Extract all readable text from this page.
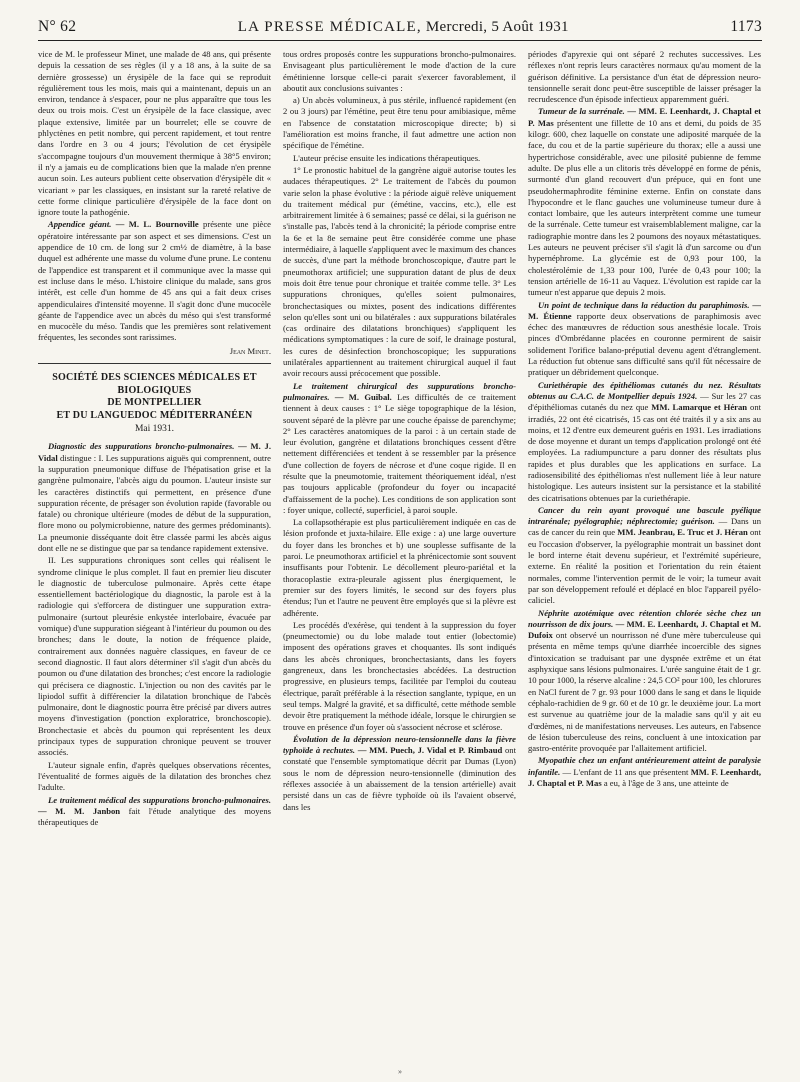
N° 62	LA PRESSE MÉDICALE, Mercredi, 5 Août 1931	1173

vice de M. le professeur Minet, une malade de 48 ans, qui présente depuis la cessation de ses règles (il y a 18 ans, à la suite de sa dernière grossesse) un érysipèle de la face qui se reproduit régulièrement tous les mois, mais qui a maintenant, depuis un an environ, tendance à s'espacer, pour ne plus apparaître que tous les deux ou trois mois. C'est un érysipèle de la face classique, avec plaque extensive, limitée par un bourrelet; elle se couvre de phlyctènes en petit nombre, qui percent rapidement, et tout rentre dans l'ordre en 3 ou 4 jours; l'évolution de cet érysipèle s'accompagne toujours d'un mouvement thermique à 38°5 environ; il n'y a jamais eu de complications bien que la malade n'en prenne aucun soin. Les auteurs publient cette observation d'érysipèle dit « vicariant » par les classiques, en insistant sur la rareté relative de cette forme clinique particulière d'érysipèle de la face dont on ignore toute la pathogénie.

Appendice géant. — M. L. Bournoville présente une pièce opératoire intéressante par son aspect et ses dimensions. C'est un appendice de 10 cm. de long sur 2 cm½ de diamètre, à la base duquel est adhérente une masse du volume d'une prune. Le contenu de l'appendice est transparent et il communique avec la masse qui est incluse dans le méso. L'histoire clinique du malade, sans gros intérêt, est celle d'un homme de 45 ans qui a fait deux crises appendiculaires d'intensité moyenne. Il s'agit donc d'une mucocèle géante de l'appendice avec un abcès du méso qui s'est transformé en mucocèle du méso. Tandis que les premières sont relativement fréquentes, les secondes sont rarissimes.

Jean Minet.
SOCIÉTÉ DES SCIENCES MÉDICALES ET BIOLOGIQUES
DE MONTPELLIER
ET DU LANGUEDOC MÉDITERRANÉEN
Mai 1931.

Diagnostic des suppurations broncho-pulmonaires. — M. J. Vidal distingue : I. Les suppurations aiguës qui comprennent, outre la suppuration pneumonique diffuse de l'hépatisation grise et la gangrène pulmonaire, l'abcès aigu du poumon. L'auteur insiste sur les caractères distinctifs qui permettent, en présence d'une suppuration récente, de présager son évolution rapide (favorable ou fatale) ou chronique ultérieure (modes de début de la suppuration, flore mono ou polymicrobienne, nature des germes prédominants). La pneumonie disséquante doit être classée parmi les abcès aigus dont elle ne se distingue que par sa tendance rapidement extensive.

II. Les suppurations chroniques sont celles qui réalisent le syndrome clinique le plus complet. Il faut en premier lieu discuter le diagnostic de tuberculose pulmonaire. Après cette étape essentiellement bactériologique du diagnostic, la parole est à la radiologie qui s'efforcera de distinguer une suppuration extra-pulmonaire (surtout pleurésie enkystée interlobaire, évacuée par vomique) d'une suppuration siégeant à l'intérieur du poumon ou des bronches; dans le doute, la notion de fréquence plaide, contrairement aux données naguère classiques, en faveur de ce second diagnostic. Il faut alors déterminer s'il s'agit d'un abcès du poumon ou d'une dilatation des bronches; c'est encore la radiologie qui précisera ce diagnostic. L'injection ou non des cavités par le lipiodol suffit à différencier la dilatation bronchique de l'abcès pulmonaire, dont le diagnostic pourra être précisé par divers autres moyens d'investigation (ponction exploratrice, bronchoscopie). Bronchectasie et abcès du poumon qui représentent les deux principaux types de suppuration chronique peuvent se trouver associés.

L'auteur signale enfin, d'après quelques observations récentes, l'éventualité de formes aiguës de la dilatation des bronches chez l'adulte.

Le traitement médical des suppurations broncho-pulmonaires. — M. M. Janbon fait l'étude analytique des moyens thérapeutiques de

tous ordres proposés contre les suppurations broncho-pulmonaires. Envisageant plus particulièrement le mode d'action de la cure émétinienne lorsque celle-ci parait s'exercer favorablement, il aboutit aux conclusions suivantes :

a) Un abcès volumineux, à pus stérile, influencé rapidement (en 2 ou 3 jours) par l'émétine, peut être tenu pour amibiasique, même en l'absence de constatation microscopique directe; b) si l'amélioration est moins franche, il faut admettre une action non spécifique de l'émétine.

L'auteur précise ensuite les indications thérapeutiques.

1° Le pronostic habituel de la gangrène aiguë autorise toutes les audaces thérapeutiques. 2° Le traitement de l'abcès du poumon varie selon la phase évolutive : la période aiguë relève uniquement du traitement médical pur (émétine, vaccins, etc.), elle est arbitrairement limitée à 6 semaines; passé ce délai, si la guérison ne s'installe pas, l'abcès tend à la chronicité; la période comprise entre la 6e et la 8e semaine peut être considérée comme une phase intermédiaire, à laquelle s'appliquent avec le maximum des chances de succès, d'une part la méthode bronchoscopique, d'autre part le pneumothorax artificiel; une suppuration datant de plus de deux mois doit être tenue pour chronique et traitée comme telle. 3° Les suppurations chroniques, qu'elles soient pulmonaires, bronchectasiques ou mixtes, posent des indications différentes selon qu'elles sont uni ou bilatérales : aux suppurations bilatérales (cas ordinaire des dilatations bronchiques) s'appliquent les médications symptomatiques : la cure de soif, le drainage postural, les cures de désinfection bronchoscopique; les suppurations unilatérales appartiennent au traitement chirurgical auquel il faut avoir recours aussi précocement que possible.

Le traitement chirurgical des suppurations broncho-pulmonaires. — M. Guibal. Les difficultés de ce traitement tiennent à deux causes : 1° Le siège topographique de la lésion, souvent séparé de la plèvre par une couche épaisse de parenchyme; 2° Les caractères anatomiques de la paroi : à un certain stade de leur évolution, gangrène et dilatations bronchiques cessent d'être nettement différenciées et tendent à se ressembler par la présence d'une collection de foyers de nécrose et d'une coque rigide. Il en résulte que la pneumotomie, traitement théoriquement idéal, n'est pas toujours applicable (profondeur du foyer ou incapacité d'affaissement de la poche). Les conditions de son application sont : foyer unique, collecté, superficiel, à paroi souple.

La collapsothérapie est plus particulièrement indiquée en cas de lésion profonde et juxta-hilaire. Elle exige : a) une large ouverture du foyer dans les bronches et b) une souplesse suffisante de la paroi. Le pneumothorax artificiel et la phrénicectomie sont souvent insuffisants pour l'obtenir. Le décollement pleuro-pariétal et la thoracoplastie extra-pleurale agissent plus énergiquement, le premier sur des foyers limités, le second sur des foyers plus étendus; l'un et l'autre ne peuvent être employés que si la plèvre est adhérente.

Les procédés d'exérèse, qui tendent à la suppression du foyer (pneumectomie) ou du lobe malade tout entier (lobectomie) imposent des opérations graves et choquantes. Ils sont indiqués dans les abcès chroniques, bronchectasiants, dans les foyers gangreneux, dans les bronchectasies abcédées. La destruction progressive, en plusieurs temps, facilitée par l'emploi du couteau électrique, paraît préférable à la résection sanglante, typique, en un seul temps. Malgré la gravité, et sa difficulté, cette méthode semble devoir être pratiquement la méthode idéale, lorsque le chirurgien se trouve en présence d'un foyer où s'associent nécrose et sclérose.

Évolution de la dépression neuro-tensionnelle dans la fièvre typhoïde à rechutes. — MM. Puech, J. Vidal et P. Rimbaud ont constaté que l'ensemble symptomatique décrit par Dumas (Lyon) sous le nom de dépression neuro-tensionnelle (diminution des réflexes associée à un abaissement de la tension artérielle) avait persisté dans un cas de fièvre typhoïde où ils l'avaient observé, dans les

périodes d'apyrexie qui ont séparé 2 rechutes successives. Les réflexes n'ont repris leurs caractères normaux qu'au moment de la guérison définitive. La persistance d'un état de dépression neuro-tensionnelle serait donc peut-être susceptible de laisser présager la recrudescence d'un épisode infectieux apparemment guéri.

Tumeur de la surrénale. — MM. E. Leenhardt, J. Chaptal et P. Mas présentent une fillette de 10 ans et demi, du poids de 35 kilogr. 600, chez laquelle on constate une adiposité marquée de la face, du cou et de la partie supérieure du thorax; elle a aussi une hypertrichose considérable, avec une pilosité pubienne de femme adulte. De plus elle a un clitoris très développé en forme de pénis, surmonté d'un gland recouvert d'un prépuce, qui en font une pseudohermaphrodite féminine externe. Enfin on constate dans l'hypocondre et le flanc gauches une volumineuse tumeur dure à contact lombaire, que les auteurs interprètent comme une tumeur de la surrénale. Cette tumeur est vraisemblablement maligne, car la radiographie montre dans les 2 poumons des noyaux métastatiques. Les auteurs ne peuvent préciser s'il s'agit là d'un sarcome ou d'un hypernéphrome. La glycémie est de 0,93 pour 100, la cholestérolémie de 1,33 pour 100, l'urée de 0,43 pour 100; la tension artérielle de 16-11 au Vaquez. L'évolution est rapide car la tumeur n'est apparue que depuis 2 mois.

Un point de technique dans la réduction du paraphimosis. — M. Étienne rapporte deux observations de paraphimosis avec échec des manœuvres de réduction sous anesthésie locale. Trois pinces d'Ombrédanne placées en couronne permirent de saisir solidement l'orifice balano-préputial devenu agent d'étranglement. La réduction fut obtenue sans difficulté sans qu'il fût nécessaire de pratiquer un débridement quelconque.

Curiethérapie des épithéliomas cutanés du nez. Résultats obtenus au C.A.C. de Montpellier depuis 1924. — Sur les 27 cas d'épithéliomas cutanés du nez que MM. Lamarque et Héran ont irradiés, 22 ont été cicatrisés, 15 cas ont été traités il y a six ans au moins, et 12 d'entre eux demeurent guéris en 1931. Les irradiations de dose moyenne et durant un temps d'application prolongé ont été employées. La radiumpuncture a paru donner des résultats plus rapides et plus durables que les applications en surface. La radiosensibilité des épithéliomas n'est nullement liée à leur nature histologique. Les auteurs insistent sur la persistance et la stabilité des cicatrisations obtenues par la curiethérapie.

Cancer du rein ayant provoqué une bascule pyélique intrarénale; pyélographie; néphrectomie; guérison. — Dans un cas de cancer du rein que MM. Jeanbrau, E. Truc et J. Héran ont eu l'occasion d'observer, la pyélographie montrait un bassinet dont le bord interne était devenu supérieur, et l'extrémité supérieure, externe. En réalité la position et l'orientation du rein étaient normales, comme l'intervention permit de le voir; la tumeur avait par son développement refoulé et déplacé en bloc l'appareil pyélo-caliciel.

Néphrite azotémique avec rétention chlorée sèche chez un nourrisson de dix jours. — MM. E. Leenhardt, J. Chaptal et M. Dufoix ont observé un nourrisson né d'une mère tuberculeuse qui présenta en même temps qu'une diarrhée incoercible des signes d'intoxication se traduisant par une dyspnée extrême et un état asphyxique sans lésions pulmonaires. L'urée sanguine était de 1 gr. 10 pour 1000, la réserve alcaline : 24,5 CO² pour 100, les chlorures en NaCl furent de 7 gr. 93 pour 1000 dans le sang et dans le liquide céphalo-rachidien de 9 gr. 60 et de 10 gr. le deuxième jour. La mort est survenue au quatrième jour de la maladie sans qu'il y ait eu d'œdèmes, ni de manifestations nerveuses. Les auteurs, en l'absence de lésion tuberculeuse des reins, concluent à une intoxication par gastro-entérite provoquée par l'allaitement artificiel.

Myopathie chez un enfant antérieurement atteint de paralysie infantile. — L'enfant de 11 ans que présentent MM. F. Leenhardt, J. Chaptal et P. Mas a eu, à l'âge de 3 ans, une atteinte de

»
